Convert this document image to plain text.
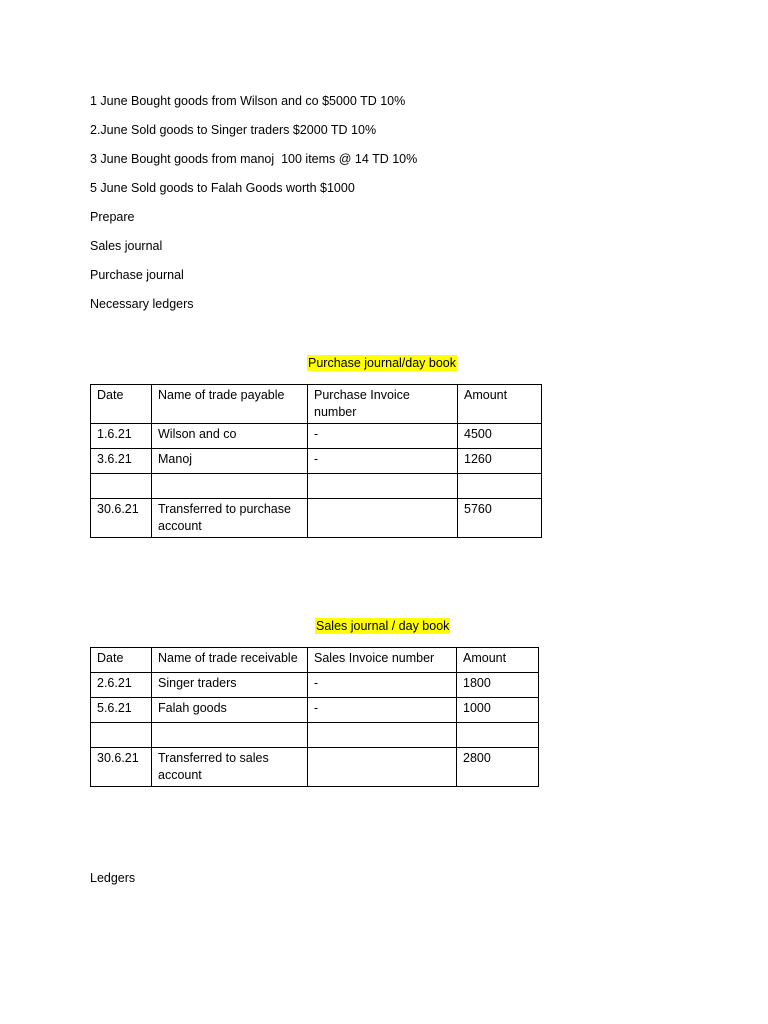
1 June Bought goods from Wilson and co $5000 TD 10%
2.June Sold goods to Singer traders $2000 TD 10%
3 June Bought goods from manoj  100 items @ 14 TD 10%
5 June Sold goods to Falah Goods worth $1000
Prepare
Sales journal
Purchase journal
Necessary ledgers
Purchase journal/day book
Date	Name of trade payable	Purchase Invoice number	Amount
1.6.21	Wilson and co	-	4500
3.6.21	Manoj	-	1260

30.6.21	Transferred to purchase account		5760
Sales journal / day book
Date	Name of trade receivable	Sales Invoice number	Amount
2.6.21	Singer traders	-	1800
5.6.21	Falah goods	-	1000

30.6.21	Transferred to sales account		2800
Ledgers
